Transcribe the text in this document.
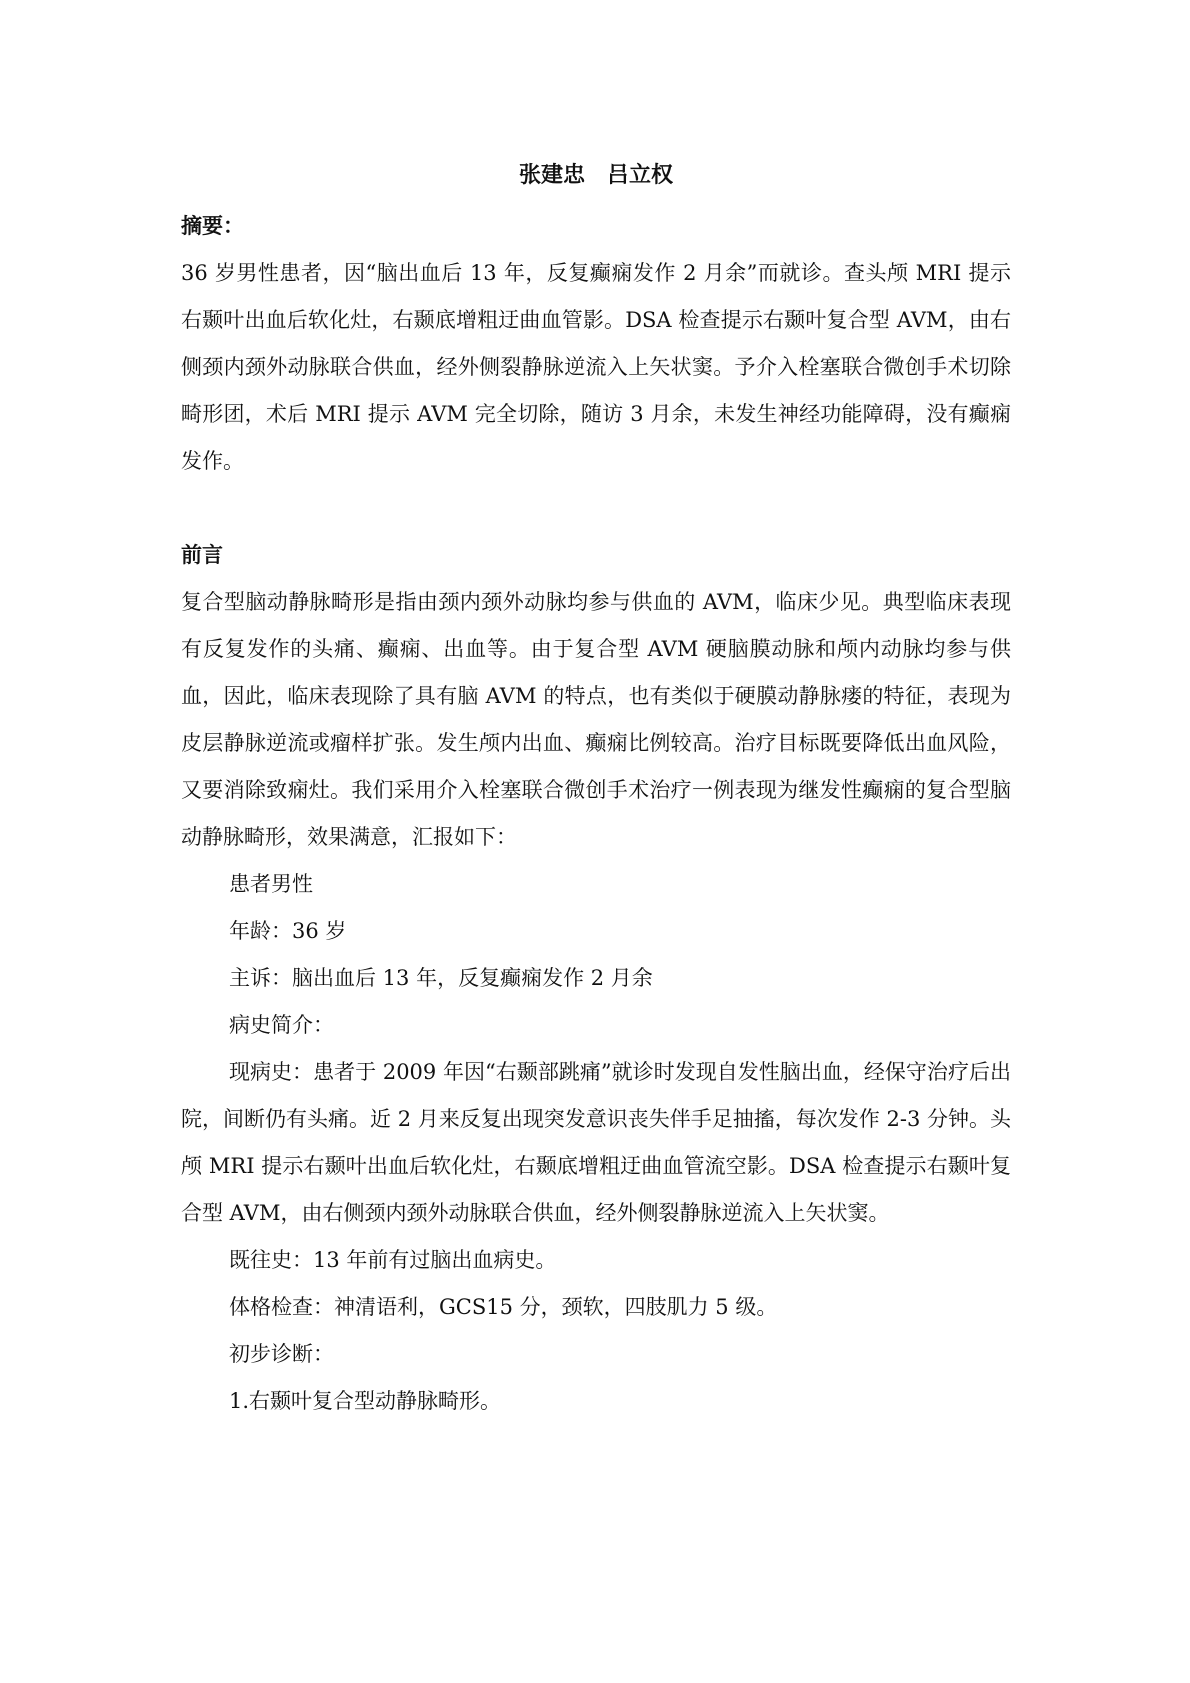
张建忠　吕立权
摘要：

36 岁男性患者，因“脑出血后 13 年，反复癫痫发作 2 月余”而就诊。查头颅 MRI 提示右颞叶出血后软化灶，右颞底增粗迂曲血管影。DSA 检查提示右颞叶复合型 AVM，由右侧颈内颈外动脉联合供血，经外侧裂静脉逆流入上矢状窦。予介入栓塞联合微创手术切除畸形团，术后 MRI 提示 AVM 完全切除，随访 3 月余，未发生神经功能障碍，没有癫痫发作。

前言

复合型脑动静脉畸形是指由颈内颈外动脉均参与供血的 AVM，临床少见。典型临床表现有反复发作的头痛、癫痫、出血等。由于复合型 AVM 硬脑膜动脉和颅内动脉均参与供血，因此，临床表现除了具有脑 AVM 的特点，也有类似于硬膜动静脉瘘的特征，表现为皮层静脉逆流或瘤样扩张。发生颅内出血、癫痫比例较高。治疗目标既要降低出血风险，又要消除致痫灶。我们采用介入栓塞联合微创手术治疗一例表现为继发性癫痫的复合型脑动静脉畸形，效果满意，汇报如下：

患者男性
年龄：36 岁
主诉：脑出血后 13 年，反复癫痫发作 2 月余
病史简介：

现病史：患者于 2009 年因“右颞部跳痛”就诊时发现自发性脑出血，经保守治疗后出院，间断仍有头痛。近 2 月来反复出现突发意识丧失伴手足抽搐，每次发作 2-3 分钟。头颅 MRI 提示右颞叶出血后软化灶，右颞底增粗迂曲血管流空影。DSA 检查提示右颞叶复合型 AVM，由右侧颈内颈外动脉联合供血，经外侧裂静脉逆流入上矢状窦。

既往史：13 年前有过脑出血病史。
体格检查：神清语利，GCS15 分，颈软，四肢肌力 5 级。
初步诊断：
1.右颞叶复合型动静脉畸形。
